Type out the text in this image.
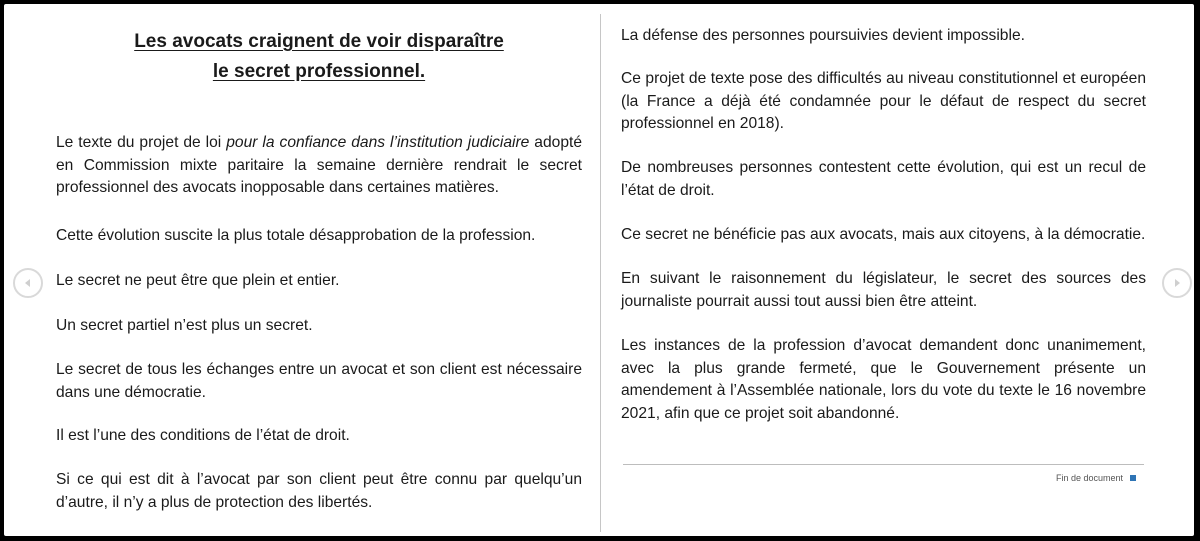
Les avocats craignent de voir disparaître
le secret professionnel.

Le texte du projet de loi pour la confiance dans l’institution judiciaire adopté en Commission mixte paritaire la semaine dernière rendrait le secret professionnel des avocats inopposable dans certaines matières.

Cette évolution suscite la plus totale désapprobation de la profession.

Le secret ne peut être que plein et entier.

Un secret partiel n’est plus un secret.

Le secret de tous les échanges entre un avocat et son client est nécessaire dans une démocratie.

Il est l’une des conditions de l’état de droit.

Si ce qui est dit à l’avocat par son client peut être connu par quelqu’un d’autre, il n’y a plus de protection des libertés.

La défense des personnes poursuivies devient impossible.

Ce projet de texte pose des difficultés au niveau constitutionnel et européen (la France a déjà été condamnée pour le défaut de respect du secret professionnel en 2018).

De nombreuses personnes contestent cette évolution, qui est un recul de l’état de droit.

Ce secret ne bénéficie pas aux avocats, mais aux citoyens, à la démocratie.

En suivant le raisonnement du législateur, le secret des sources des journaliste pourrait aussi tout aussi bien être atteint.

Les instances de la profession d’avocat demandent donc unanimement, avec la plus grande fermeté, que le Gouvernement présente un amendement à l’Assemblée nationale, lors du vote du texte le 16 novembre 2021, afin que ce projet soit abandonné.

Fin de document
